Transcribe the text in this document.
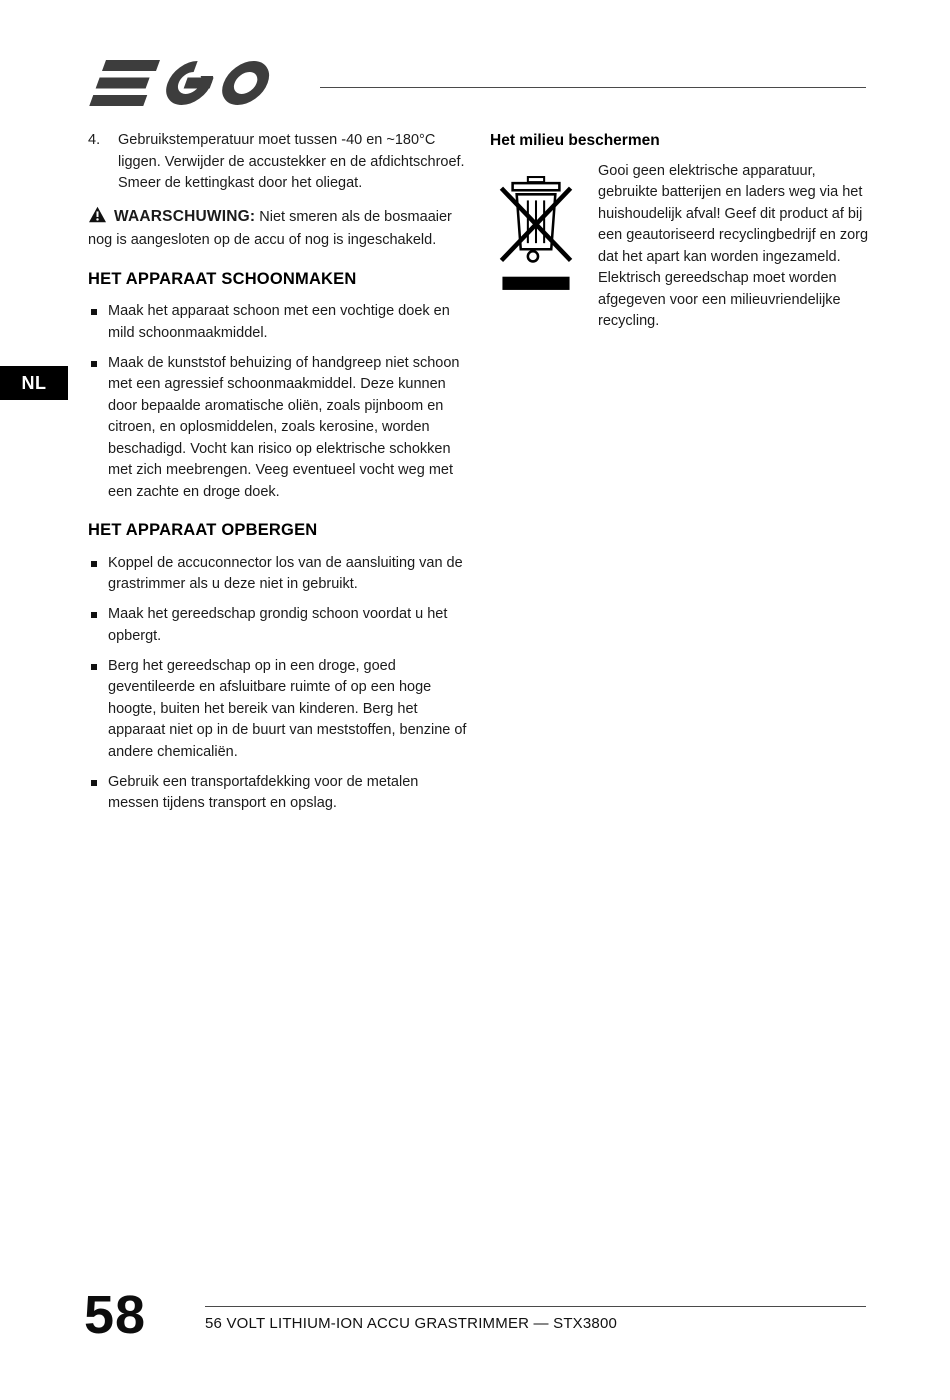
NL
4.	Gebruikstemperatuur moet tussen -40 en ~180°C liggen. Verwijder de accustekker en de afdichtschroef. Smeer de kettingkast door het oliegat.

WAARSCHUWING: Niet smeren als de bosmaaier nog is aangesloten op de accu of nog is ingeschakeld.

HET APPARAAT SCHOONMAKEN
Maak het apparaat schoon met een vochtige doek en mild schoonmaakmiddel.
Maak de kunststof behuizing of handgreep niet schoon met een agressief schoonmaakmiddel. Deze kunnen door bepaalde aromatische oliën, zoals pijnboom en citroen, en oplosmiddelen, zoals kerosine, worden beschadigd. Vocht kan risico op elektrische schokken met zich meebrengen. Veeg eventueel vocht weg met een zachte en droge doek.
HET APPARAAT OPBERGEN
Koppel de accuconnector los van de aansluiting van de grastrimmer als u deze niet in gebruikt.
Maak het gereedschap grondig schoon voordat u het opbergt.
Berg het gereedschap op in een droge, goed geventileerde en afsluitbare ruimte of op een hoge hoogte, buiten het bereik van kinderen. Berg het apparaat niet op in de buurt van meststoffen, benzine of andere chemicaliën.
Gebruik een transportafdekking voor de metalen messen tijdens transport en opslag.
Het milieu beschermen
Gooi geen elektrische apparatuur, gebruikte batterijen en laders weg via het huishoudelijk afval! Geef dit product af bij een geautoriseerd recyclingbedrijf en zorg dat het apart kan worden ingezameld. Elektrisch gereedschap moet worden afgegeven voor een milieuvriendelijke recycling.
58	56 VOLT LITHIUM-ION ACCU GRASTRIMMER — STX3800
